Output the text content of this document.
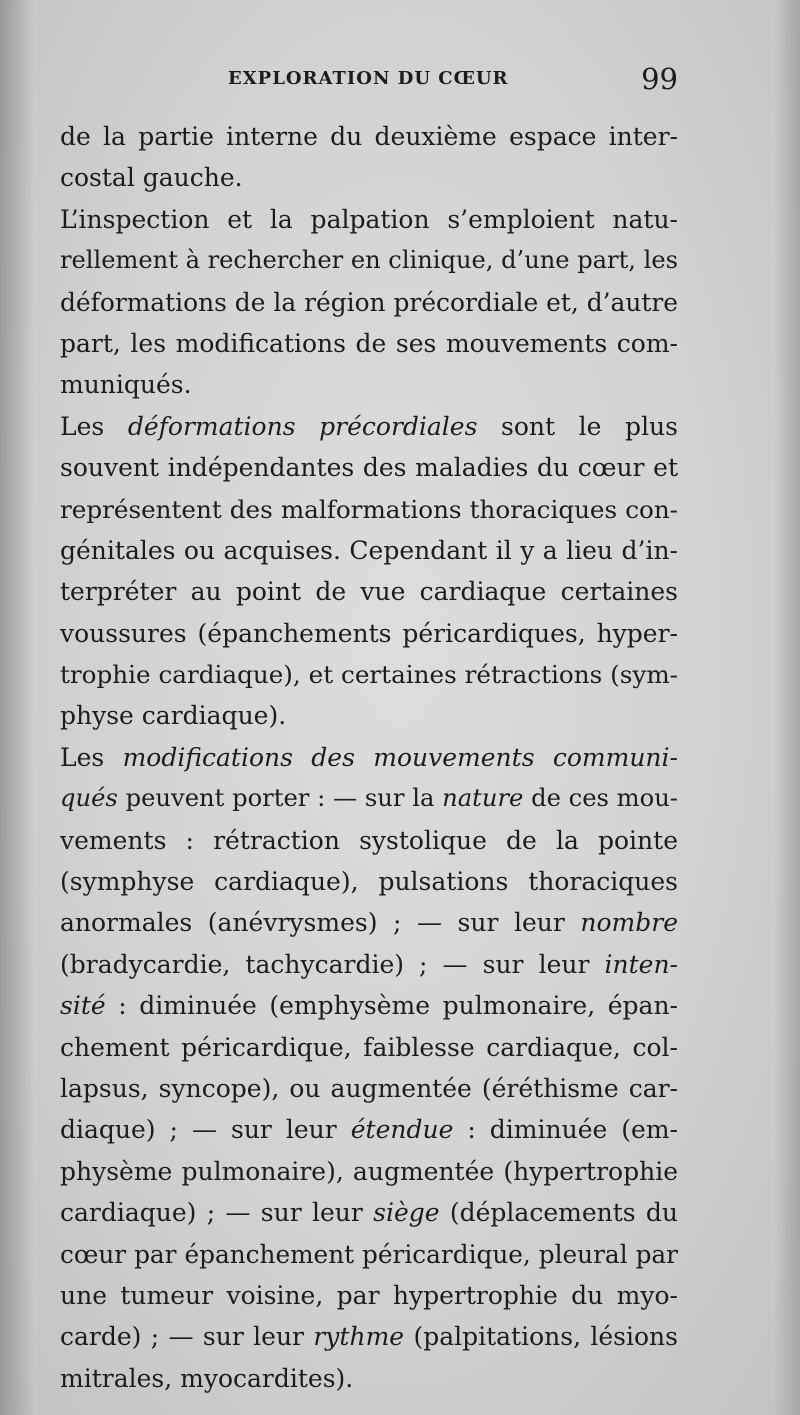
EXPLORATION DU CŒUR	99
de la partie interne du deuxième espace inter-
costal gauche.
L’inspection et la palpation s’emploient natu-
rellement à rechercher en clinique, d’une part, les
déformations de la région précordiale et, d’autre
part, les modifications de ses mouvements com-
muniqués.
Les déformations précordiales sont le plus
souvent indépendantes des maladies du cœur et
représentent des malformations thoraciques con-
génitales ou acquises. Cependant il y a lieu d’in-
terpréter au point de vue cardiaque certaines
voussures (épanchements péricardiques, hyper-
trophie cardiaque), et certaines rétractions (sym-
physe cardiaque).
Les modifications des mouvements communi-
qués peuvent porter : — sur la nature de ces mou-
vements : rétraction systolique de la pointe
(symphyse cardiaque), pulsations thoraciques
anormales (anévrysmes) ; — sur leur nombre
(bradycardie, tachycardie) ; — sur leur inten-
sité : diminuée (emphysème pulmonaire, épan-
chement péricardique, faiblesse cardiaque, col-
lapsus, syncope), ou augmentée (éréthisme car-
diaque) ; — sur leur étendue : diminuée (em-
physème pulmonaire), augmentée (hypertrophie
cardiaque) ; — sur leur siège (déplacements du
cœur par épanchement péricardique, pleural par
une tumeur voisine, par hypertrophie du myo-
carde) ; — sur leur rythme (palpitations, lésions
mitrales, myocardites).
